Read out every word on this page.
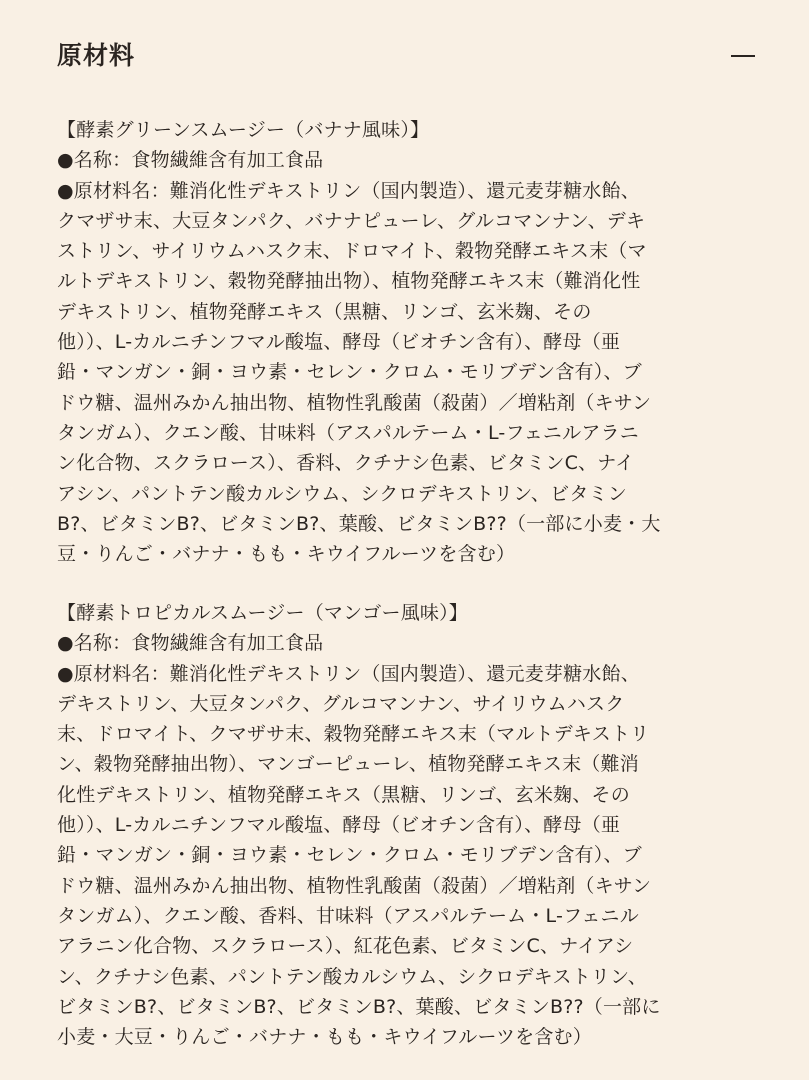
原材料
【酵素グリーンスムージー（バナナ風味）】
●名称：食物繊維含有加工食品
●原材料名：難消化性デキストリン（国内製造）、還元麦芽糖水飴、
クマザサ末、大豆タンパク、バナナピューレ、グルコマンナン、デキ
ストリン、サイリウムハスク末、ドロマイト、穀物発酵エキス末（マ
ルトデキストリン、穀物発酵抽出物）、植物発酵エキス末（難消化性
デキストリン、植物発酵エキス（黒糖、リンゴ、玄米麹、その
他））、L-カルニチンフマル酸塩、酵母（ビオチン含有）、酵母（亜
鉛・マンガン・銅・ヨウ素・セレン・クロム・モリブデン含有）、ブ
ドウ糖、温州みかん抽出物、植物性乳酸菌（殺菌）／増粘剤（キサン
タンガム）、クエン酸、甘味料（アスパルテーム・L-フェニルアラニ
ン化合物、スクラロース）、香料、クチナシ色素、ビタミンC、ナイ
アシン、パントテン酸カルシウム、シクロデキストリン、ビタミン
B?、ビタミンB?、ビタミンB?、葉酸、ビタミンB??（一部に小麦・大
豆・りんご・バナナ・もも・キウイフルーツを含む）
【酵素トロピカルスムージー（マンゴー風味）】
●名称：食物繊維含有加工食品
●原材料名：難消化性デキストリン（国内製造）、還元麦芽糖水飴、
デキストリン、大豆タンパク、グルコマンナン、サイリウムハスク
末、ドロマイト、クマザサ末、穀物発酵エキス末（マルトデキストリ
ン、穀物発酵抽出物）、マンゴーピューレ、植物発酵エキス末（難消
化性デキストリン、植物発酵エキス（黒糖、リンゴ、玄米麹、その
他））、L-カルニチンフマル酸塩、酵母（ビオチン含有）、酵母（亜
鉛・マンガン・銅・ヨウ素・セレン・クロム・モリブデン含有）、ブ
ドウ糖、温州みかん抽出物、植物性乳酸菌（殺菌）／増粘剤（キサン
タンガム）、クエン酸、香料、甘味料（アスパルテーム・L-フェニル
アラニン化合物、スクラロース）、紅花色素、ビタミンC、ナイアシ
ン、クチナシ色素、パントテン酸カルシウム、シクロデキストリン、
ビタミンB?、ビタミンB?、ビタミンB?、葉酸、ビタミンB??（一部に
小麦・大豆・りんご・バナナ・もも・キウイフルーツを含む）
